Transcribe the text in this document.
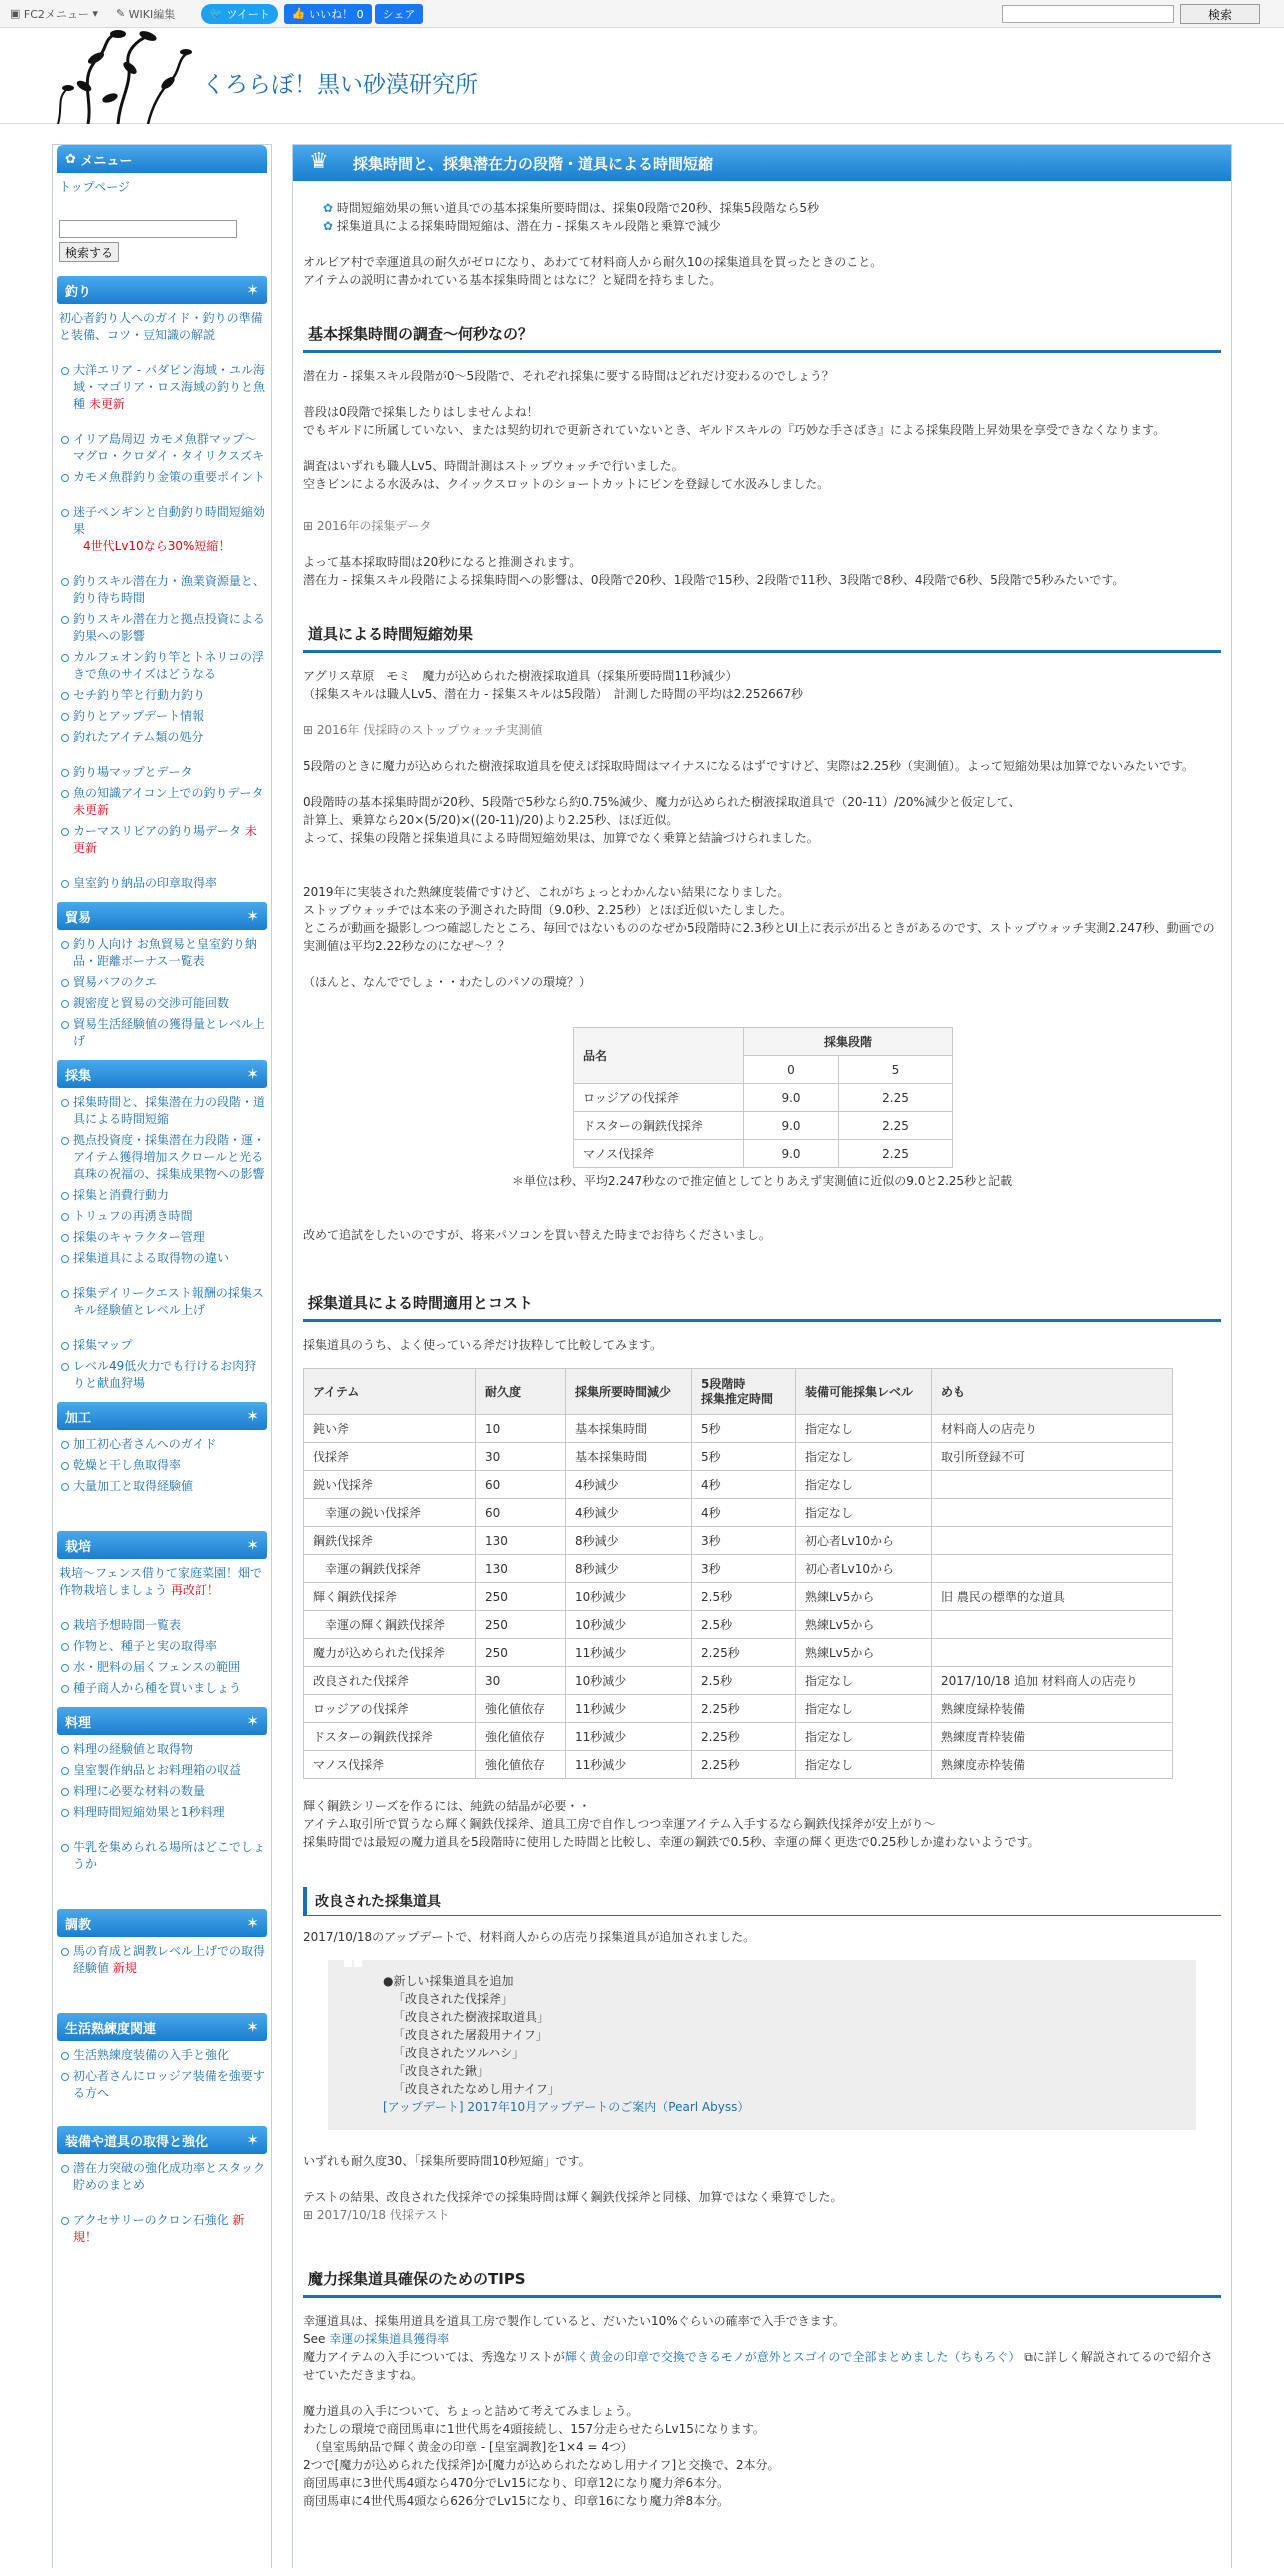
▣ FC2メニュー ▾ ✎ WIKI編集	🐦 ツイート 👍 いいね！ 0 シェア	検索
くろらぼ！黒い砂漠研究所
✿ メニュー
トップページ
検索する
釣り	✶
初心者釣り人へのガイド・釣りの準備と装備、コツ・豆知識の解説
大洋エリア - パダピン海域・ユル海域・マゴリア・ロス海域の釣りと魚種 未更新
イリア島周辺 カモメ魚群マップ～マグロ・クロダイ・タイリクスズキ
カモメ魚群釣り金策の重要ポイント
迷子ペンギンと自動釣り時間短縮効果
4世代Lv10なら30%短縮！
釣りスキル潜在力・漁業資源量と、釣り待ち時間
釣りスキル潜在力と拠点投資による釣果への影響
カルフェオン釣り竿とトネリコの浮きで魚のサイズはどうなる
セチ釣り竿と行動力釣り
釣りとアップデート情報
釣れたアイテム類の処分
釣り場マップとデータ
魚の知識アイコン上での釣りデータ 未更新
カーマスリビアの釣り場データ 未更新
皇室釣り納品の印章取得率
貿易	✶
釣り人向け お魚貿易と皇室釣り納品・距離ボーナス一覧表
貿易バフのクエ
親密度と貿易の交渉可能回数
貿易生活経験値の獲得量とレベル上げ
採集	✶
採集時間と、採集潜在力の段階・道具による時間短縮
拠点投資度・採集潜在力段階・運・アイテム獲得増加スクロールと光る真珠の祝福の、採集成果物への影響
採集と消費行動力
トリュフの再湧き時間
採集のキャラクター管理
採集道具による取得物の違い
採集デイリークエスト報酬の採集スキル経験値とレベル上げ
採集マップ
レベル49低火力でも行けるお肉狩りと献血狩場
加工	✶
加工初心者さんへのガイド
乾燥と干し魚取得率
大量加工と取得経験値
栽培	✶
栽培～フェンス借りて家庭菜園！畑で作物栽培しましょう 再改訂！
栽培予想時間一覧表
作物と、種子と実の取得率
水・肥料の届くフェンスの範囲
種子商人から種を買いましょう
料理	✶
料理の経験値と取得物
皇室製作納品とお料理箱の収益
料理に必要な材料の数量
料理時間短縮効果と1秒料理
牛乳を集められる場所はどこでしょうか
調教	✶
馬の育成と調教レベル上げでの取得経験値 新規
生活熟練度関連	✶
生活熟練度装備の入手と強化
初心者さんにロッジア装備を強要する方へ
装備や道具の取得と強化	✶
潜在力突破の強化成功率とスタック貯めのまとめ
アクセサリーのクロン石強化 新規！
♛ 採集時間と、採集潜在力の段階・道具による時間短縮
✿ 時間短縮効果の無い道具での基本採集所要時間は、採集0段階で20秒、採集5段階なら5秒
✿ 採集道具による採集時間短縮は、潜在力 - 採集スキル段階と乗算で減少

オルビア村で幸運道具の耐久がゼロになり、あわてて材料商人から耐久10の採集道具を買ったときのこと。

アイテムの説明に書かれている基本採集時間とはなに？と疑問を持ちました。

基本採集時間の調査～何秒なの？

潜在力 - 採集スキル段階が0～5段階で、それぞれ採集に要する時間はどれだけ変わるのでしょう？

普段は0段階で採集したりはしませんよね！

でもギルドに所属していない、または契約切れで更新されていないとき、ギルドスキルの『巧妙な手さばき』による採集段階上昇効果を享受できなくなります。

調査はいずれも職人Lv5、時間計測はストップウォッチで行いました。

空きビンによる水汲みは、クイックスロットのショートカットにビンを登録して水汲みしました。

⊞ 2016年の採集データ

よって基本採取時間は20秒になると推測されます。

潜在力 - 採集スキル段階による採集時間への影響は、0段階で20秒、1段階で15秒、2段階で11秒、3段階で8秒、4段階で6秒、5段階で5秒みたいです。

道具による時間短縮効果

アグリス草原　モミ　魔力が込められた樹液採取道具（採集所要時間11秒減少）

（採集スキルは職人Lv5、潜在力 - 採集スキルは5段階）　計測した時間の平均は2.252667秒

⊞ 2016年 伐採時のストップウォッチ実測値

5段階のときに魔力が込められた樹液採取道具を使えば採取時間はマイナスになるはずですけど、実際は2.25秒（実測値）。よって短縮効果は加算でないみたいです。

0段階時の基本採集時間が20秒、5段階で5秒なら約0.75%減少、魔力が込められた樹液採取道具で（20-11）/20%減少と仮定して、

計算上、乗算なら20×(5/20)×((20-11)/20)より2.25秒、ほぼ近似。

よって、採集の段階と採集道具による時間短縮効果は、加算でなく乗算と結論づけられました。

2019年に実装された熟練度装備ですけど、これがちょっとわかんない結果になりました。

ストップウォッチでは本来の予測された時間（9.0秒、2.25秒）とほぼ近似いたしました。

ところが動画を撮影しつつ確認したところ、毎回ではないもののなぜか5段階時に2.3秒とUI上に表示が出るときがあるのです、ストップウォッチ実測2.247秒、動画での実測値は平均2.22秒なのになぜ～？？

（ほんと、なんででしょ・・わたしのパソの環境？）

品名	採集段階	
	0	5
ロッジアの伐採斧	9.0	2.25
ドスターの鋼鉄伐採斧	9.0	2.25
マノス伐採斧	9.0	2.25

＊単位は秒、平均2.247秒なので推定値としてとりあえず実測値に近似の9.0と2.25秒と記載

改めて追試をしたいのですが、将来パソコンを買い替えた時までお待ちくださいまし。

採集道具による時間適用とコスト

採集道具のうち、よく使っている斧だけ抜粋して比較してみます。

アイテム	耐久度	採集所要時間減少	5段階時
採集推定時間	装備可能採集レベル	めも
鈍い斧	10	基本採集時間	5秒	指定なし	材料商人の店売り
伐採斧	30	基本採集時間	5秒	指定なし	取引所登録不可
鋭い伐採斧	60	4秒減少	4秒	指定なし	
　幸運の鋭い伐採斧	60	4秒減少	4秒	指定なし	
鋼鉄伐採斧	130	8秒減少	3秒	初心者Lv10から	
　幸運の鋼鉄伐採斧	130	8秒減少	3秒	初心者Lv10から	
輝く鋼鉄伐採斧	250	10秒減少	2.5秒	熟練Lv5から	旧 農民の標準的な道具
　幸運の輝く鋼鉄伐採斧	250	10秒減少	2.5秒	熟練Lv5から	
魔力が込められた伐採斧	250	11秒減少	2.25秒	熟練Lv5から	
改良された伐採斧	30	10秒減少	2.5秒	指定なし	2017/10/18 追加 材料商人の店売り
ロッジアの伐採斧	強化値依存	11秒減少	2.25秒	指定なし	熟練度緑枠装備
ドスターの鋼鉄伐採斧	強化値依存	11秒減少	2.25秒	指定なし	熟練度青枠装備
マノス伐採斧	強化値依存	11秒減少	2.25秒	指定なし	熟練度赤枠装備

輝く鋼鉄シリーズを作るには、純銑の結晶が必要・・

アイテム取引所で買うなら輝く鋼鉄伐採斧、道具工房で自作しつつ幸運アイテム入手するなら鋼鉄伐採斧が安上がり～

採集時間では最短の魔力道具を5段階時に使用した時間と比較し、幸運の鋼鉄で0.5秒、幸運の輝く更迭で0.25秒しか違わないようです。

改良された採集道具

2017/10/18のアップデートで、材料商人からの店売り採集道具が追加されました。

❝ ●新しい採集道具を追加
「改良された伐採斧」
「改良された樹液採取道具」
「改良された屠殺用ナイフ」
「改良されたツルハシ」
「改良された鍬」
「改良されたなめし用ナイフ」
[アップデート] 2017年10月アップデートのご案内（Pearl Abyss）

いずれも耐久度30、「採集所要時間10秒短縮」です。

テストの結果、改良された伐採斧での採集時間は輝く鋼鉄伐採斧と同様、加算ではなく乗算でした。

⊞ 2017/10/18 伐採テスト

魔力採集道具確保のためのTIPS

幸運道具は、採集用道具を道具工房で製作していると、だいたい10%ぐらいの確率で入手できます。

See 幸運の採集道具獲得率

魔力アイテムの入手については、秀逸なリストが輝く黄金の印章で交換できるモノが意外とスゴイので全部まとめました（ちもろぐ） ⧉に詳しく解説されてるので紹介させていただきますね。

魔力道具の入手について、ちょっと詰めて考えてみましょう。

わたしの環境で商団馬車に1世代馬を4頭接続し、157分走らせたらLv15になります。

　（皇室馬納品で輝く黄金の印章 - [皇室調教]を1×4 = 4つ）

2つで[魔力が込められた伐採斧]か[魔力が込められたなめし用ナイフ]と交換で、2本分。

商団馬車に3世代馬4頭なら470分でLv15になり、印章12になり魔力斧6本分。

商団馬車に4世代馬4頭なら626分でLv15になり、印章16になり魔力斧8本分。
